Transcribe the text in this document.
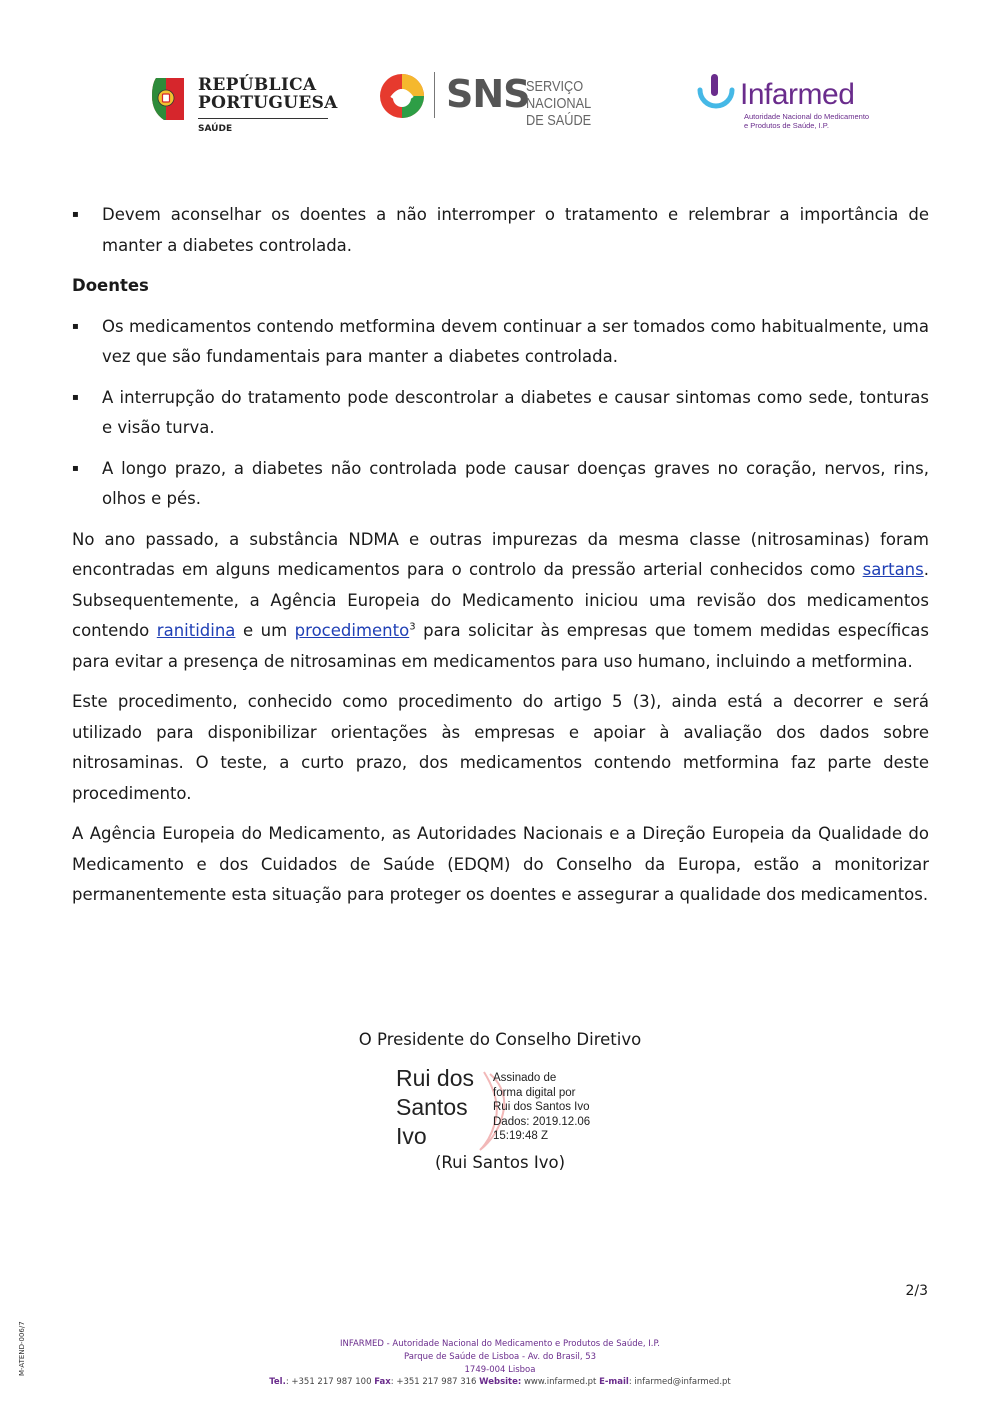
REPÚBLICA
PORTUGUESA
SAÚDE
SNS
SERVIÇO NACIONAL
DE SAÚDE
Infarmed
Autoridade Nacional do Medicamento
e Produtos de Saúde, I.P.
▪ Devem aconselhar os doentes a não interromper o tratamento e relembrar a importância de manter a diabetes controlada.
Doentes
▪ Os medicamentos contendo metformina devem continuar a ser tomados como habitualmente, uma vez que são fundamentais para manter a diabetes controlada.
▪ A interrupção do tratamento pode descontrolar a diabetes e causar sintomas como sede, tonturas e visão turva.
▪ A longo prazo, a diabetes não controlada pode causar doenças graves no coração, nervos, rins, olhos e pés.

No ano passado, a substância NDMA e outras impurezas da mesma classe (nitrosaminas) foram encontradas em alguns medicamentos para o controlo da pressão arterial conhecidos como sartans. Subsequentemente, a Agência Europeia do Medicamento iniciou uma revisão dos medicamentos contendo ranitidina e um procedimento$^3$ para solicitar às empresas que tomem medidas específicas para evitar a presença de nitrosaminas em medicamentos para uso humano, incluindo a metformina.

Este procedimento, conhecido como procedimento do artigo 5 (3), ainda está a decorrer e será utilizado para disponibilizar orientações às empresas e apoiar à avaliação dos dados sobre nitrosaminas. O teste, a curto prazo, dos medicamentos contendo metformina faz parte deste procedimento.

A Agência Europeia do Medicamento, as Autoridades Nacionais e a Direção Europeia da Qualidade do Medicamento e dos Cuidados de Saúde (EDQM) do Conselho da Europa, estão a monitorizar permanentemente esta situação para proteger os doentes e assegurar a qualidade dos medicamentos.

O Presidente do Conselho Diretivo
Rui dos
Santos
Ivo
Assinado de
forma digital por
Rui dos Santos Ivo
Dados: 2019.12.06
15:19:48 Z
(Rui Santos Ivo)
2/3
M-ATEND-006/7	INFARMED - Autoridade Nacional do Medicamento e Produtos de Saúde, I.P.
Parque de Saúde de Lisboa - Av. do Brasil, 53
1749-004 Lisboa
Tel.: +351 217 987 100 Fax: +351 217 987 316 Website: www.infarmed.pt E-mail: infarmed@infarmed.pt
